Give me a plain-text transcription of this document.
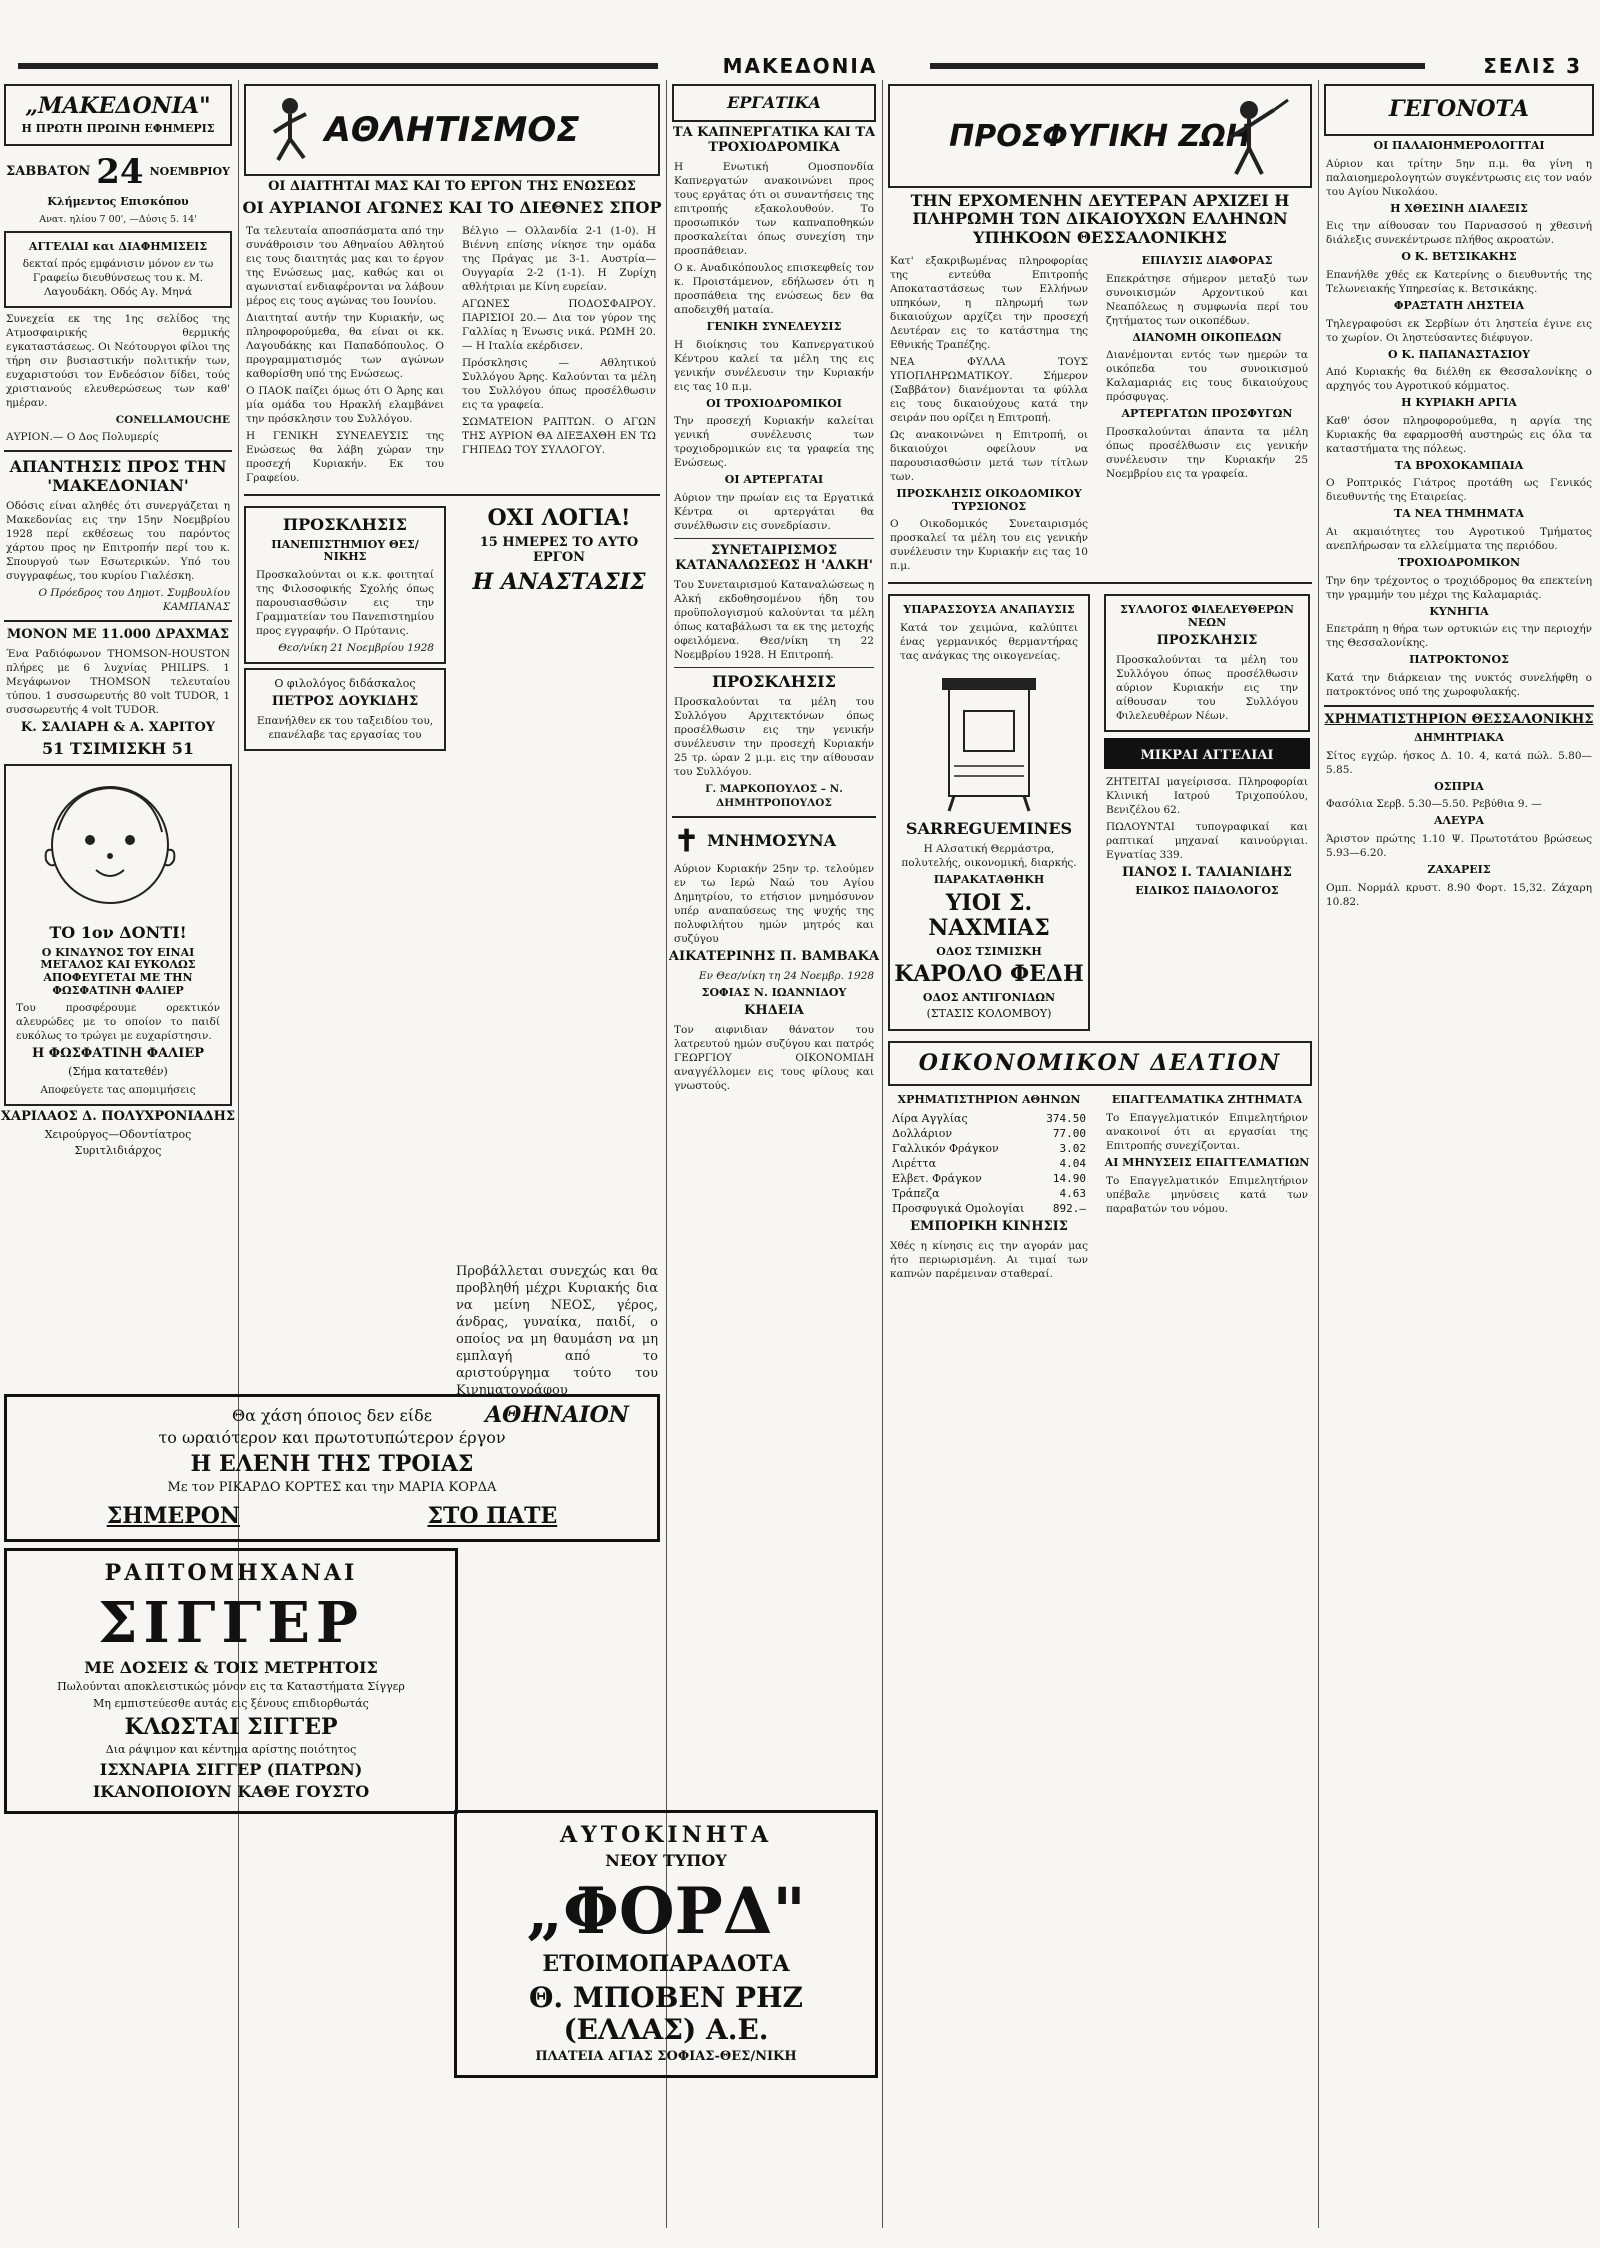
ΜΑΚΕΔΟΝΙΑ	ΣΕΛΙΣ 3
„ΜΑΚΕΔΟΝΙΑ"
Η ΠΡΩΤΗ ΠΡΩΙΝΗ ΕΦΗΜΕΡΙΣ
ΣΑΒΒΑΤΟΝ 24 ΝΟΕΜΒΡΙΟΥ
Κλήμεντος Επισκόπου
Ανατ. ηλίου 7 00', —Δύσις 5. 14'
ΑΓΓΕΛΙΑΙ και ΔΙΑΦΗΜΙΣΕΙΣ
δεκταί πρός εμφάνισιν μόνον εν τω Γραφείω διευθύνσεως του κ. Μ. Λαγουδάκη. Οδός Αγ. Μηνά
Συνεχεία εκ της 1ης σελίδος της Ατμοσφαιρικής θερμικής εγκαταστάσεως. Οι Νεότουργοι φίλοι της τήρη σιν βυσιαστικήν πολιτικήν των, ευχαριστούσι τον Ενδεόσιον δίδει, τούς χριστιανούς ελευθερώσεως των καθ' ημέραν.
CONELLAMOUCHE
ΑΥΡΙΟΝ.— Ο Δος Πολυμερίς
ΑΠΑΝΤΗΣΙΣ ΠΡΟΣ ΤΗΝ 'ΜΑΚΕΔΟΝΙΑΝ'
Οδόσις είναι αληθές ότι συνεργάζεται η Μακεδονίας εις την 15ην Νοεμβρίου 1928 περί εκθέσεως του παρόντος χάρτου προς ην Επιτροπήν περί του κ. Σπουργού των Εσωτερικών. Υπό του συγγραφέως, του κυρίου Γιαλέσκη.
Ο Πρόεδρος του Δημοτ. Συμβουλίου ΚΑΜΠΑΝΑΣ
ΜΟΝΟΝ ΜΕ 11.000 ΔΡΑΧΜΑΣ
Ένα Ραδιόφωνον THOMSON-HOUSTON πλήρες με 6 λυχνίας PHILIPS. 1 Μεγάφωνον THOMSON τελευταίου τύπου. 1 συσσωρευτής 80 volt TUDOR, 1 συσσωρευτής 4 volt TUDOR.
Κ. ΣΑΛΙΑΡΗ & Α. ΧΑΡΙΤΟΥ
51 ΤΣΙΜΙΣΚΗ 51
ΤΟ 1ον ΔΟΝΤΙ!
Ο ΚΙΝΔΥΝΟΣ ΤΟΥ ΕΙΝΑΙ ΜΕΓΑΛΟΣ ΚΑΙ ΕΥΚΟΛΩΣ ΑΠΟΦΕΥΓΕΤΑΙ ΜΕ ΤΗΝ ΦΩΣΦΑΤΙΝΗ ΦΑΛΙΕΡ
Του προσφέρουμε ορεκτικόν αλευρώδες με το οποίον το παιδί ευκόλως το τρώγει με ευχαρίστησιν.
Η ΦΩΣΦΑΤΙΝΗ ΦΑΛΙΕΡ
(Σήμα κατατεθέν)
Αποφεύγετε τας απομιμήσεις
ΧΑΡΙΛΑΟΣ Δ. ΠΟΛΥΧΡΟΝΙΑΔΗΣ
Χειρούργος—Οδοντίατρος
Συριτλιδιάρχος
ΑΘΛΗΤΙΣΜΟΣ
ΟΙ ΔΙΑΙΤΗΤΑΙ ΜΑΣ ΚΑΙ ΤΟ ΕΡΓΟΝ ΤΗΣ ΕΝΩΣΕΩΣ
ΟΙ ΑΥΡΙΑΝΟΙ ΑΓΩΝΕΣ ΚΑΙ ΤΟ ΔΙΕΘΝΕΣ ΣΠΟΡ
Τα τελευταία αποσπάσματα από την συνάθροισιν του Αθηναίου Αθλητού εις τους διαιτητάς μας και το έργον της Ενώσεως μας, καθώς και οι αγωνισταί ενδιαφέρονται να λάβουν μέρος εις τους αγώνας του Ιουνίου.
Διαιτηταί αυτήν την Κυριακήν, ως πληροφορούμεθα, θα είναι οι κκ. Λαγουδάκης και Παπαδόπουλος. Ο προγραμματισμός των αγώνων καθορίσθη υπό της Ενώσεως.
Ο ΠΑΟΚ παίζει όμως ότι Ο Άρης και μία ομάδα του Ηρακλή ελαμβάνει την πρόσκλησιν του Συλλόγου.
Η ΓΕΝΙΚΗ ΣΥΝΕΛΕΥΣΙΣ της Ενώσεως θα λάβη χώραν την προσεχή Κυριακήν. Εκ του Γραφείου.
Βέλγιο — Ολλανδία 2-1 (1-0). Η Βιέννη επίσης νίκησε την ομάδα της Πράγας με 3-1. Αυστρία—Ουγγαρία 2-2 (1-1). Η Ζυρίχη αθλήτριαι με Κίνη ευρείαν.
ΑΓΩΝΕΣ ΠΟΔΟΣΦΑΙΡΟΥ. ΠΑΡΙΣΙΟΙ 20.— Δια τον γύρον της Γαλλίας η Ένωσις νικά. ΡΩΜΗ 20.— Η Ιταλία εκέρδισεν.
Πρόσκλησις — Αθλητικού Συλλόγου Άρης. Καλούνται τα μέλη του Συλλόγου όπως προσέλθωσιν εις τα γραφεία.
ΣΩΜΑΤΕΙΟΝ ΡΑΠΤΩΝ. Ο ΑΓΩΝ ΤΗΣ ΑΥΡΙΟΝ ΘΑ ΔΙΕΞΑΧΘΗ ΕΝ ΤΩ ΓΗΠΕΔΩ ΤΟΥ ΣΥΛΛΟΓΟΥ.
ΠΡΟΣΚΛΗΣΙΣ
ΠΑΝΕΠΙΣΤΗΜΙΟΥ ΘΕΣ/ΝΙΚΗΣ
Προσκαλούνται οι κ.κ. φοιτηταί της Φιλοσοφικής Σχολής όπως παρουσιασθώσιν εις την Γραμματείαν του Πανεπιστημίου προς εγγραφήν. Ο Πρύτανις.
Θεσ/νίκη 21 Νοεμβρίου 1928
Ο φιλολόγος διδάσκαλος
ΠΕΤΡΟΣ ΔΟΥΚΙΔΗΣ
Επανήλθεν εκ του ταξειδίου του, επανέλαβε τας εργασίας του
ΟΧΙ ΛΟΓΙΑ!
15 ΗΜΕΡΕΣ ΤΟ ΑΥΤΟ ΕΡΓΟΝ
Η ΑΝΑΣΤΑΣΙΣ
Θα χάση όποιος δεν είδε
το ωραιότερον και πρωτοτυπώτερον έργον
Η ΕΛΕΝΗ ΤΗΣ ΤΡΟΙΑΣ
Με τον ΡΙΚΑΡΔΟ ΚΟΡΤΕΣ και την ΜΑΡΙΑ ΚΟΡΔΑ
ΣΗΜΕΡΟΝ	ΣΤΟ ΠΑΤΕ
ΡΑΠΤΟΜΗΧΑΝΑΙ
ΣΙΓΓΕΡ
ΜΕ ΔΟΣΕΙΣ & ΤΟΙΣ ΜΕΤΡΗΤΟΙΣ
Πωλούνται αποκλειστικώς μόνον εις τα Καταστήματα Σίγγερ
Μη εμπιστεύεσθε αυτάς εις ξένους επιδιορθωτάς
ΚΛΩΣΤΑΙ ΣΙΓΓΕΡ
Δια ράψιμον και κέντημα αρίστης ποιότητος
ΙΣΧΝΑΡΙΑ ΣΙΓΓΕΡ (ΠΑΤΡΩΝ)
ΙΚΑΝΟΠΟΙΟΥΝ ΚΑΘΕ ΓΟΥΣΤΟ
Προβάλλεται συνεχώς και θα προβληθή μέχρι Κυριακής δια να μείνη ΝΕΟΣ, γέρος, άνδρας, γυναίκα, παιδί, ο οποίος να μη θαυμάση να μη εμπλαγή από το αριστούργημα τούτο του Κινηματογράφου
ΑΘΗΝΑΙΟΝ
ΑΥΤΟΚΙΝΗΤΑ
ΝΕΟΥ ΤΥΠΟΥ
„ΦΟΡΔ"
ΕΤΟΙΜΟΠΑΡΑΔΟΤΑ
Θ. ΜΠΟΒΕΝ ΡΗΖ (ΕΛΛΑΣ) Α.Ε.
ΠΛΑΤΕΙΑ ΑΓΙΑΣ ΣΟΦΙΑΣ-ΘΕΣ/ΝΙΚΗ
ΕΡΓΑΤΙΚΑ
ΤΑ ΚΑΠΝΕΡΓΑΤΙΚΑ ΚΑΙ ΤΑ ΤΡΟΧΙΟΔΡΟΜΙΚΑ
Η Ενωτική Ομοσπονδία Καπνεργατών ανακοινώνει προς τους εργάτας ότι οι συναντήσεις της επιτροπής εξακολουθούν. Το προσωπικόν των καπναποθηκών προσκαλείται όπως συνεχίση την προσπάθειαν.
Ο κ. Αναδικόπουλος επισκεφθείς τον κ. Προιστάμενον, εδήλωσεν ότι η προσπάθεια της ενώσεως δεν θα αποδειχθή ματαία.
ΓΕΝΙΚΗ ΣΥΝΕΛΕΥΣΙΣ
Η διοίκησις του Καπνεργατικού Κέντρου καλεί τα μέλη της εις γενικήν συνέλευσιν την Κυριακήν εις τας 10 π.μ.
ΟΙ ΤΡΟΧΙΟΔΡΟΜΙΚΟΙ
Την προσεχή Κυριακήν καλείται γενική συνέλευσις των τροχιοδρομικών εις τα γραφεία της Ενώσεως.
ΟΙ ΑΡΤΕΡΓΑΤΑΙ
Αύριον την πρωίαν εις τα Εργατικά Κέντρα οι αρτεργάται θα συνέλθωσιν εις συνεδρίασιν.
ΣΥΝΕΤΑΙΡΙΣΜΟΣ ΚΑΤΑΝΑΛΩΣΕΩΣ Η 'ΑΛΚΗ'
Του Συνεταιρισμού Καταναλώσεως η Αλκή εκδοθησομένου ήδη του προϋπολογισμού καλούνται τα μέλη όπως καταβάλωσι τα εκ της μετοχής οφειλόμενα. Θεσ/νίκη τη 22 Νοεμβρίου 1928. Η Επιτροπή.
ΠΡΟΣΚΛΗΣΙΣ
Προσκαλούνται τα μέλη του Συλλόγου Αρχιτεκτόνων όπως προσέλθωσιν εις την γενικήν συνέλευσιν την προσεχή Κυριακήν 25 τρ. ώραν 2 μ.μ. εις την αίθουσαν του Συλλόγου.
Γ. ΜΑΡΚΟΠΟΥΛΟΣ – Ν. ΔΗΜΗΤΡΟΠΟΥΛΟΣ
✝ ΜΝΗΜΟΣΥΝΑ
Αύριον Κυριακήν 25ην τρ. τελούμεν εν τω Ιερώ Ναώ του Αγίου Δημητρίου, το ετήσιον μνημόσυνον υπέρ αναπαύσεως της ψυχής της πολυφιλήτου ημών μητρός και συζύγου
ΑΙΚΑΤΕΡΙΝΗΣ Π. ΒΑΜΒΑΚΑ
Εν Θεσ/νίκη τη 24 Νοεμβρ. 1928
ΣΟΦΙΑΣ Ν. ΙΩΑΝΝΙΔΟΥ
ΚΗΔΕΙΑ
Τον αιφνιδιαν θάνατον του λατρευτού ημών συζύγου και πατρός ΓΕΩΡΓΙΟΥ ΟΙΚΟΝΟΜΙΔΗ αναγγέλλομεν εις τους φίλους και γνωστούς.
ΠΡΟΣΦΥΓΙΚΗ ΖΩΗ
ΤΗΝ ΕΡΧΟΜΕΝΗΝ ΔΕΥΤΕΡΑΝ ΑΡΧΙΖΕΙ Η ΠΛΗΡΩΜΗ ΤΩΝ ΔΙΚΑΙΟΥΧΩΝ ΕΛΛΗΝΩΝ ΥΠΗΚΟΩΝ ΘΕΣΣΑΛΟΝΙΚΗΣ
Κατ' εξακριβωμένας πληροφορίας της εντεύθα Επιτροπής Αποκαταστάσεως των Ελλήνων υπηκόων, η πληρωμή των δικαιούχων αρχίζει την προσεχή Δευτέραν εις το κατάστημα της Εθνικής Τραπέζης.
ΝΕΑ ΦΥΛΛΑ ΤΟΥΣ ΥΠΟΠΛΗΡΩΜΑΤΙΚΟΥ. Σήμερον (Σαββάτον) διανέμονται τα φύλλα εις τους δικαιούχους κατά την σειράν που ορίζει η Επιτροπή.
Ως ανακοινώνει η Επιτροπή, οι δικαιούχοι οφείλουν να παρουσιασθώσιν μετά των τίτλων των.
ΠΡΟΣΚΛΗΣΙΣ ΟΙΚΟΔΟΜΙΚΟΥ ΤΥΡΣΙΟΝΟΣ
Ο Οικοδομικός Συνεταιρισμός προσκαλεί τα μέλη του εις γενικήν συνέλευσιν την Κυριακήν εις τας 10 π.μ.
ΕΠΙΛΥΣΙΣ ΔΙΑΦΟΡΑΣ
Επεκράτησε σήμερον μεταξύ των συνοικισμών Αρχοντικού και Νεαπόλεως η συμφωνία περί του ζητήματος των οικοπέδων.
ΔΙΑΝΟΜΗ ΟΙΚΟΠΕΔΩΝ
Διανέμονται εντός των ημερών τα οικόπεδα του συνοικισμού Καλαμαριάς εις τους δικαιούχους πρόσφυγας.
ΑΡΤΕΡΓΑΤΩΝ ΠΡΟΣΦΥΓΩΝ
Προσκαλούνται άπαντα τα μέλη όπως προσέλθωσιν εις γενικήν συνέλευσιν την Κυριακήν 25 Νοεμβρίου εις τα γραφεία.
ΥΠΑΡΑΣΣΟΥΣΑ ΑΝΑΠΑΥΣΙΣ
Κατά τον χειμώνα, καλύπτει ένας γερμανικός θερμαντήρας τας ανάγκας της οικογενείας.
SARREGUEMINES
Η Αλσατική Θερμάστρα, πολυτελής, οικονομική, διαρκής.
ΠΑΡΑΚΑΤΑΘΗΚΗ
ΥΙΟΙ Σ. ΝΑΧΜΙΑΣ
ΟΔΟΣ ΤΣΙΜΙΣΚΗ
ΚΑΡΟΛΟ ΦΕΔΗ
ΟΔΟΣ ΑΝΤΙΓΟΝΙΔΩΝ
(ΣΤΑΣΙΣ ΚΟΛΟΜΒΟΥ)
ΣΥΛΛΟΓΟΣ ΦΙΛΕΛΕΥΘΕΡΩΝ ΝΕΩΝ
ΠΡΟΣΚΛΗΣΙΣ
Προσκαλούνται τα μέλη του Συλλόγου όπως προσέλθωσιν αύριον Κυριακήν εις την αίθουσαν του Συλλόγου Φιλελευθέρων Νέων.
ΜΙΚΡΑΙ ΑΓΓΕΛΙΑΙ
ΖΗΤΕΙΤΑΙ μαγείρισσα. Πληροφορίαι Κλινική Ιατρού Τριχοπούλου, Βενιζέλου 62.
ΠΩΛΟΥΝΤΑΙ τυπογραφικαί και ραπτικαί μηχαναί καινούργιαι. Εγνατίας 339.
ΠΑΝΟΣ Ι. ΤΑΛΙΑΝΙΔΗΣ
ΕΙΔΙΚΟΣ ΠΑΙΔΟΛΟΓΟΣ
ΟΙΚΟΝΟΜΙΚΟΝ ΔΕΛΤΙΟΝ
ΧΡΗΜΑΤΙΣΤΗΡΙΟΝ ΑΘΗΝΩΝ
Λίρα Αγγλίας	374.50
Δολλάριον	77.00
Γαλλικόν Φράγκον	3.02
Λιρέττα	4.04
Ελβετ. Φράγκον	14.90
Τράπεζα	4.63
Προσφυγικά Ομολογίαι	892.—
ΕΜΠΟΡΙΚΗ ΚΙΝΗΣΙΣ
Χθές η κίνησις εις την αγοράν μας ήτο περιωρισμένη. Αι τιμαί των καπνών παρέμειναν σταθεραί.
ΕΠΑΓΓΕΛΜΑΤΙΚΑ ΖΗΤΗΜΑΤΑ
Το Επαγγελματικόν Επιμελητήριον ανακοινοί ότι αι εργασίαι της Επιτροπής συνεχίζονται.
ΑΙ ΜΗΝΥΣΕΙΣ ΕΠΑΓΓΕΛΜΑΤΙΩΝ
Το Επαγγελματικόν Επιμελητήριον υπέβαλε μηνύσεις κατά των παραβατών του νόμου.
ΓΕΓΟΝΟΤΑ
ΟΙ ΠΑΛΑΙΟΗΜΕΡΟΛΟΓΙΤΑΙ
Αύριον και τρίτην 5ην π.μ. θα γίνη η παλαιοημερολογητών συγκέντρωσις εις τον ναόν του Αγίου Νικολάου.
Η ΧΘΕΣΙΝΗ ΔΙΑΛΕΞΙΣ
Εις την αίθουσαν του Παρνασσού η χθεσινή διάλεξις συνεκέντρωσε πλήθος ακροατών.
Ο Κ. ΒΕΤΣΙΚΑΚΗΣ
Επανήλθε χθές εκ Κατερίνης ο διευθυντής της Τελωνειακής Υπηρεσίας κ. Βετσικάκης.
ΦΡΑΞΤΑΤΗ ΛΗΣΤΕΙΑ
Τηλεγραφούσι εκ Σερβίων ότι ληστεία έγινε εις το χωρίον. Οι ληστεύσαντες διέφυγον.
Ο Κ. ΠΑΠΑΝΑΣΤΑΣΙΟΥ
Από Κυριακής θα διέλθη εκ Θεσσαλονίκης ο αρχηγός του Αγροτικού κόμματος.
Η ΚΥΡΙΑΚΗ ΑΡΓΙΑ
Καθ' όσον πληροφορούμεθα, η αργία της Κυριακής θα εφαρμοσθή αυστηρώς εις όλα τα καταστήματα της πόλεως.
ΤΑ ΒΡΟΧΟΚΑΜΠΑΙΑ
Ο Ροπτρικός Γιάτρος προτάθη ως Γενικός διευθυντής της Εταιρείας.
ΤΑ ΝΕΑ ΤΗΜΗΜΑΤΑ
Αι ακμαιότητες του Αγροτικού Τμήματος ανεπλήρωσαν τα ελλείμματα της περιόδου.
ΤΡΟΧΙΟΔΡΟΜΙΚΟΝ
Την 6ην τρέχοντος ο τροχιόδρομος θα επεκτείνη την γραμμήν του μέχρι της Καλαμαριάς.
ΚΥΝΗΓΙΑ
Επετράπη η θήρα των ορτυκιών εις την περιοχήν της Θεσσαλονίκης.
ΠΑΤΡΟΚΤΟΝΟΣ
Κατά την διάρκειαν της νυκτός συνελήφθη ο πατροκτόνος υπό της χωροφυλακής.
ΧΡΗΜΑΤΙΣΤΗΡΙΟΝ ΘΕΣΣΑΛΟΝΙΚΗΣ
ΔΗΜΗΤΡΙΑΚΑ
Σίτος εγχώρ. ήσκος Δ. 10. 4, κατά πώλ. 5.80—5.85.
ΟΣΠΡΙΑ
Φασόλια Σερβ. 5.30—5.50. Ρεβύθια 9. —
ΑΛΕΥΡΑ
Άριστον πρώτης 1.10 Ψ. Πρωτοτάτου βρώσεως 5.93—6.20.
ΖΑΧΑΡΕΙΣ
Ομπ. Νορμάλ κρυστ. 8.90 Φορτ. 15,32. Ζάχαρη 10.82.
